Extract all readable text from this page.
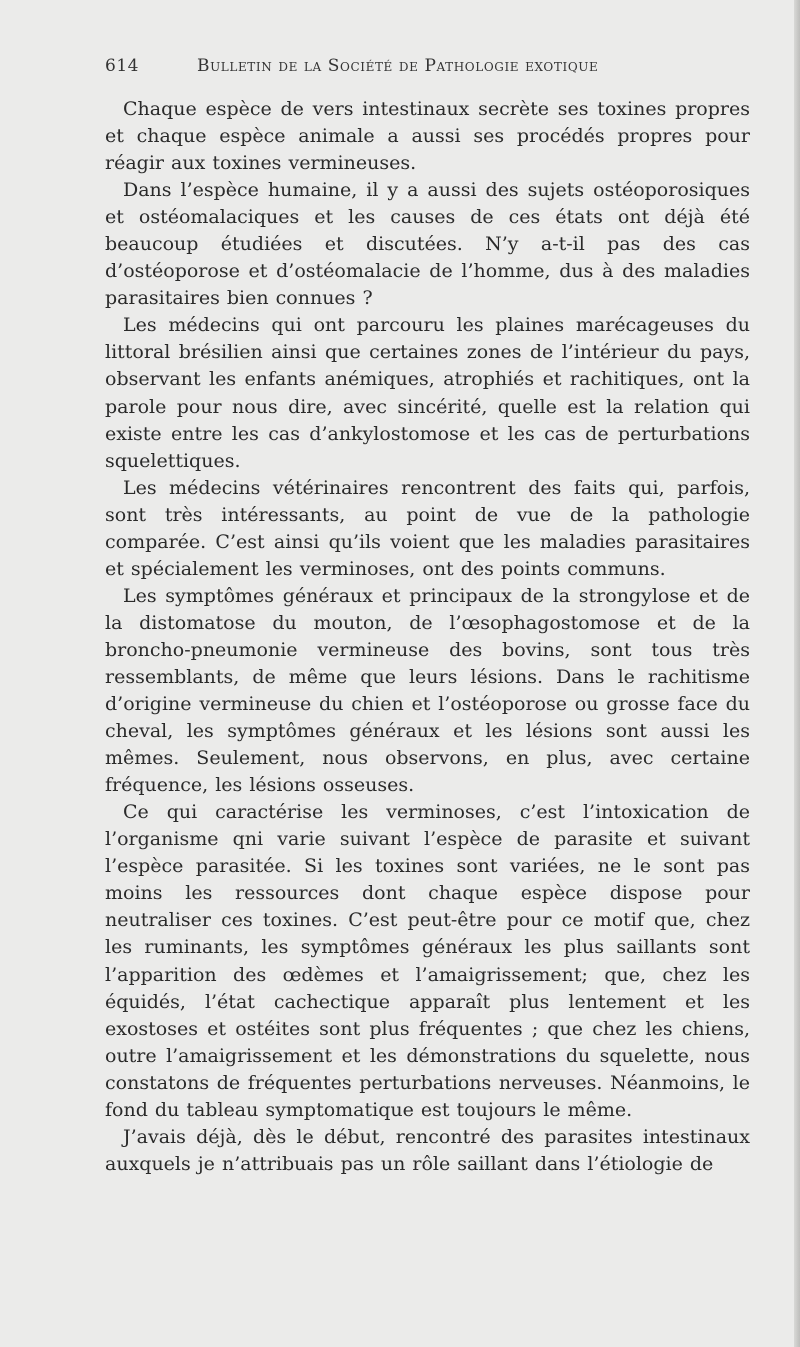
614	Bulletin de la Société de Pathologie exotique

Chaque espèce de vers intestinaux secrète ses toxines propres et chaque espèce animale a aussi ses procédés propres pour réagir aux toxines vermineuses.

Dans l’espèce humaine, il y a aussi des sujets ostéoporosiques et ostéomalaciques et les causes de ces états ont déjà été beaucoup étudiées et discutées. N’y a-t-il pas des cas d’ostéoporose et d’ostéomalacie de l’homme, dus à des maladies parasitaires bien connues ?

Les médecins qui ont parcouru les plaines marécageuses du littoral brésilien ainsi que certaines zones de l’intérieur du pays, observant les enfants anémiques, atrophiés et rachitiques, ont la parole pour nous dire, avec sincérité, quelle est la relation qui existe entre les cas d’ankylostomose et les cas de perturbations squelettiques.

Les médecins vétérinaires rencontrent des faits qui, parfois, sont très intéressants, au point de vue de la pathologie comparée. C’est ainsi qu’ils voient que les maladies parasitaires et spécialement les verminoses, ont des points communs.

Les symptômes généraux et principaux de la strongylose et de la distomatose du mouton, de l’œsophagostomose et de la broncho-pneumonie vermineuse des bovins, sont tous très ressemblants, de même que leurs lésions. Dans le rachitisme d’origine vermineuse du chien et l’ostéoporose ou grosse face du cheval, les symptômes généraux et les lésions sont aussi les mêmes. Seulement, nous observons, en plus, avec certaine fréquence, les lésions osseuses.

Ce qui caractérise les verminoses, c’est l’intoxication de l’organisme qni varie suivant l’espèce de parasite et suivant l’espèce parasitée. Si les toxines sont variées, ne le sont pas moins les ressources dont chaque espèce dispose pour neutraliser ces toxines. C’est peut-être pour ce motif que, chez les ruminants, les symptômes généraux les plus saillants sont l’apparition des œdèmes et l’amaigrissement; que, chez les équidés, l’état cachectique apparaît plus lentement et les exostoses et ostéites sont plus fréquentes ; que chez les chiens, outre l’amaigrissement et les démonstrations du squelette, nous constatons de fréquentes perturbations nerveuses. Néanmoins, le fond du tableau symptomatique est toujours le même.

J’avais déjà, dès le début, rencontré des parasites intestinaux auxquels je n’attribuais pas un rôle saillant dans l’étiologie de
